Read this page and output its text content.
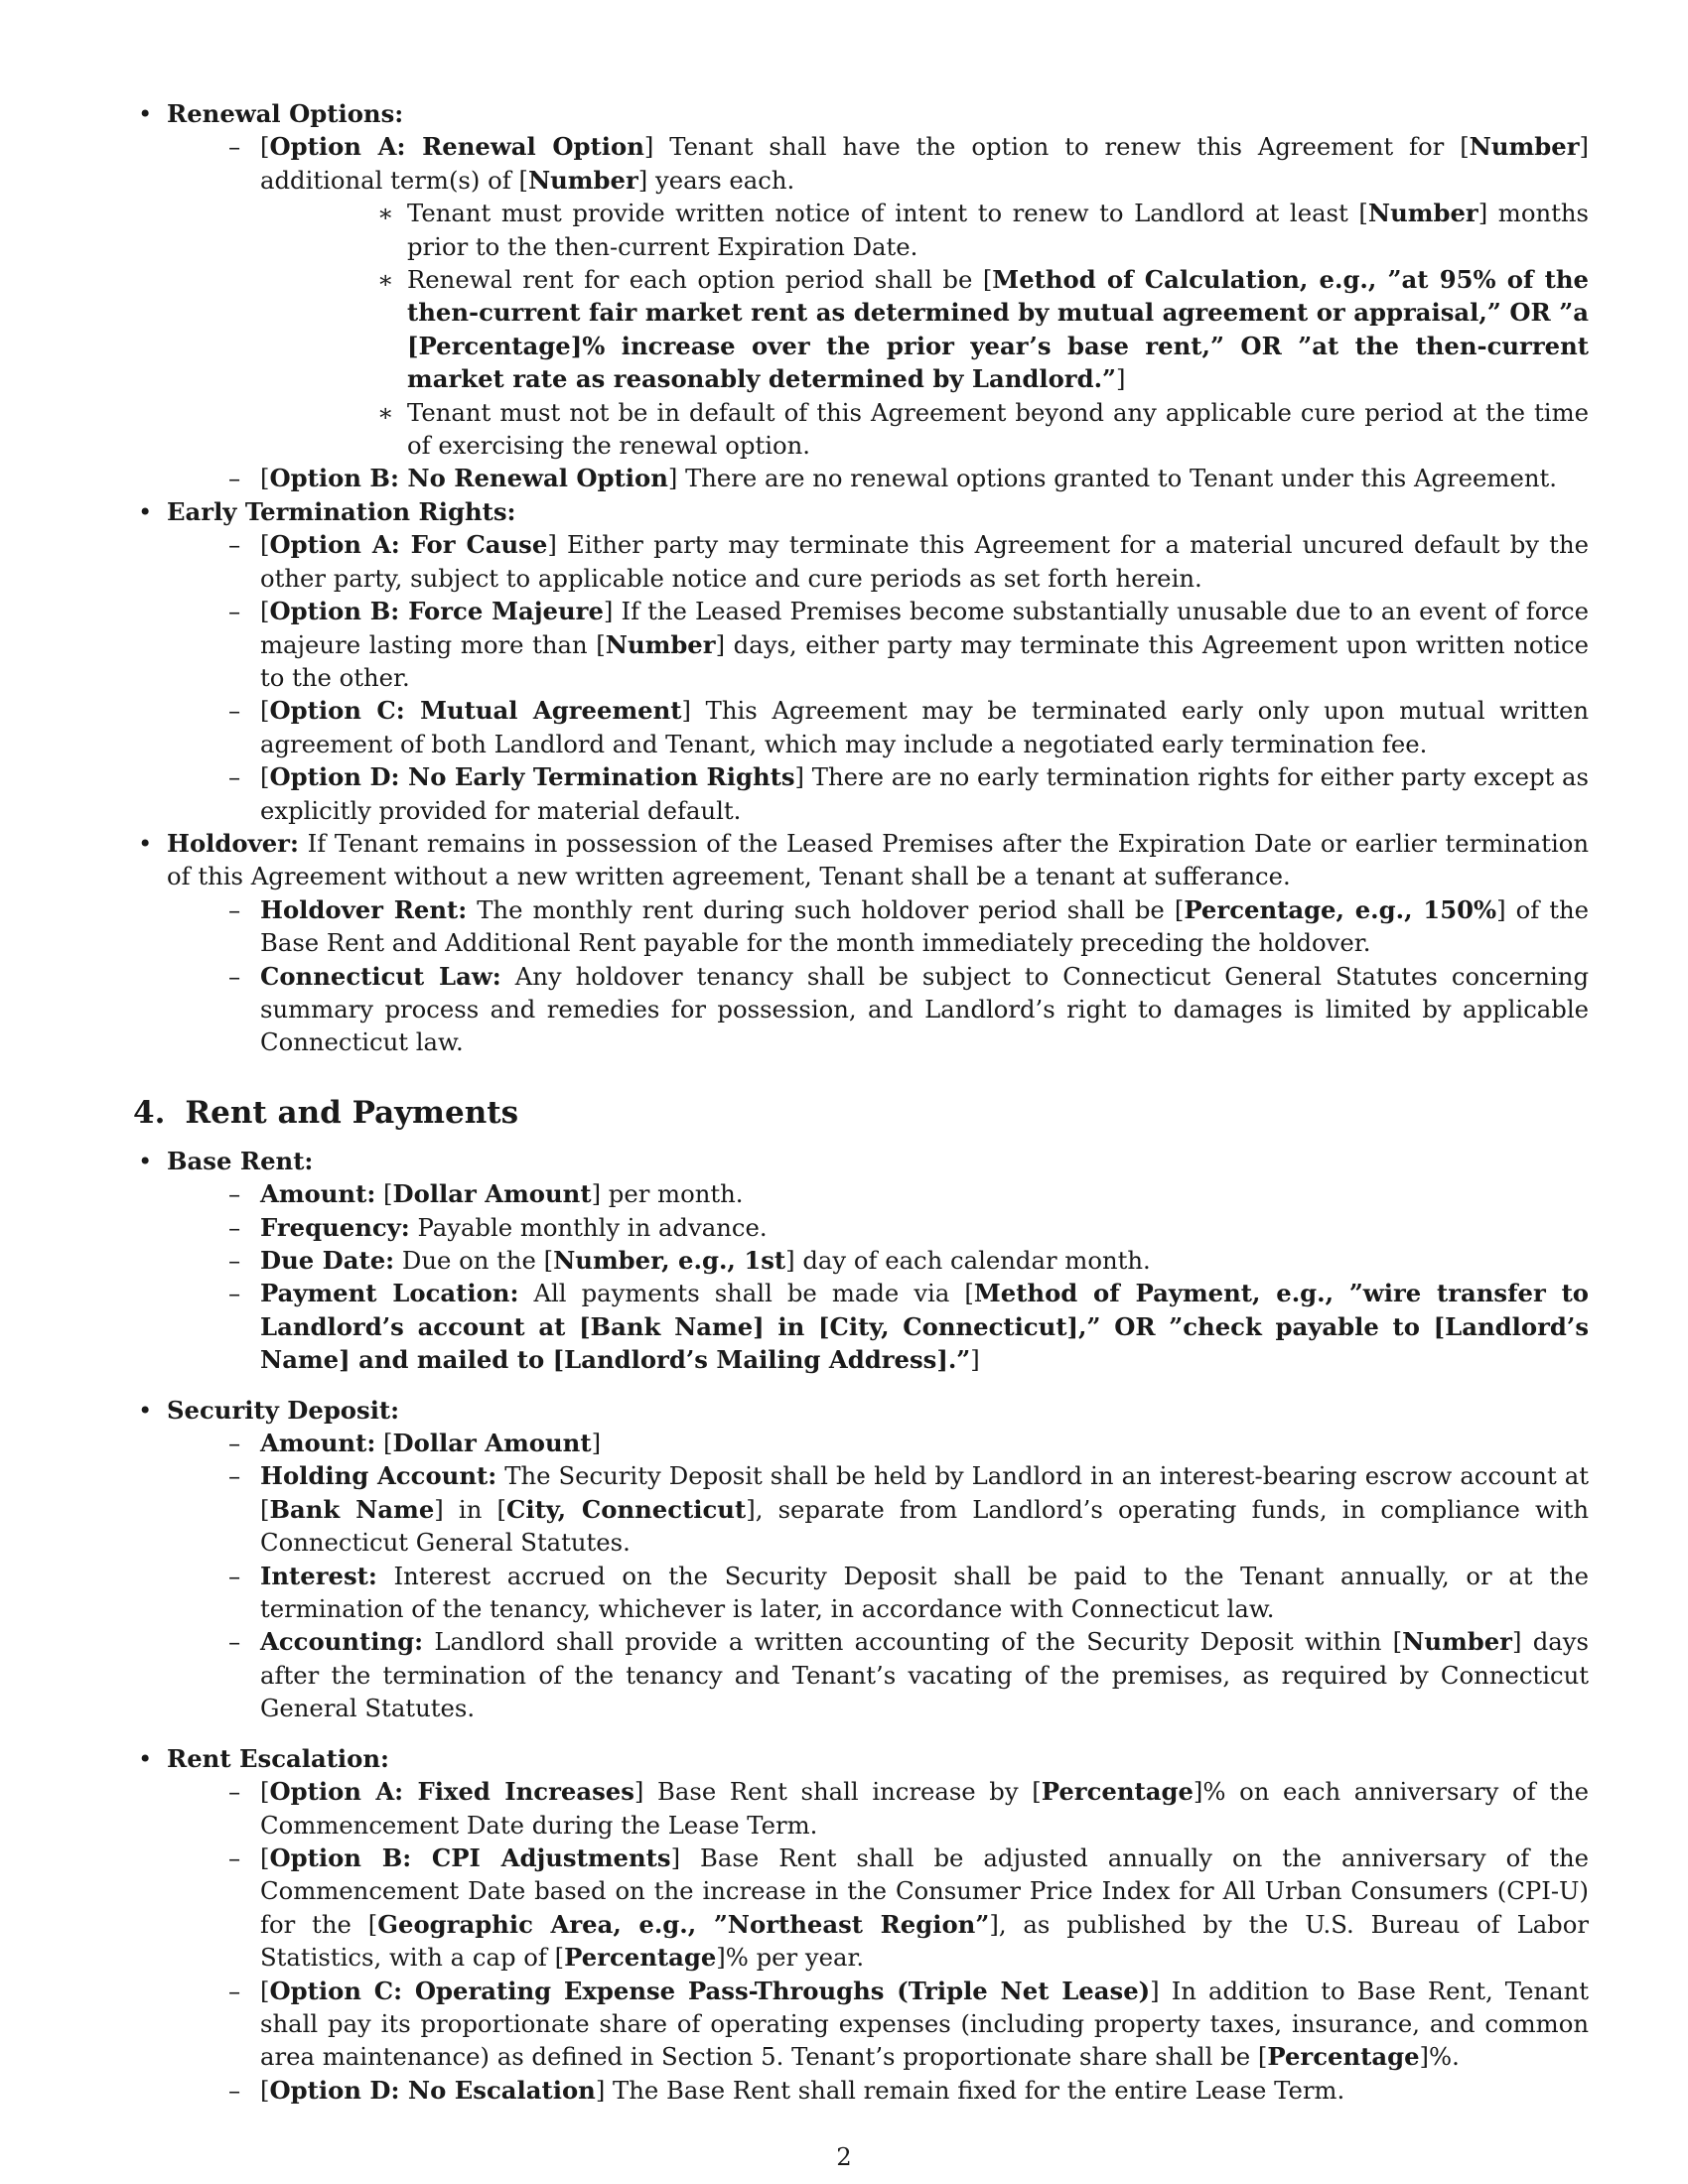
• Renewal Options:
– [Option A: Renewal Option] Tenant shall have the option to renew this Agreement for [Number] additional term(s) of [Number] years each.
∗ Tenant must provide written notice of intent to renew to Landlord at least [Number] months prior to the then-current Expiration Date.
∗ Renewal rent for each option period shall be [Method of Calculation, e.g., ”at 95% of the then-current fair market rent as determined by mutual agreement or appraisal,” OR ”a [Percentage]% increase over the prior year’s base rent,” OR ”at the then-current market rate as reasonably determined by Landlord.”]
∗ Tenant must not be in default of this Agreement beyond any applicable cure period at the time of exercising the renewal option.
– [Option B: No Renewal Option] There are no renewal options granted to Tenant under this Agreement.
• Early Termination Rights:
– [Option A: For Cause] Either party may terminate this Agreement for a material uncured default by the other party, subject to applicable notice and cure periods as set forth herein.
– [Option B: Force Majeure] If the Leased Premises become substantially unusable due to an event of force majeure lasting more than [Number] days, either party may terminate this Agreement upon written notice to the other.
– [Option C: Mutual Agreement] This Agreement may be terminated early only upon mutual written agreement of both Landlord and Tenant, which may include a negotiated early termination fee.
– [Option D: No Early Termination Rights] There are no early termination rights for either party except as explicitly provided for material default.
• Holdover: If Tenant remains in possession of the Leased Premises after the Expiration Date or earlier termination of this Agreement without a new written agreement, Tenant shall be a tenant at sufferance.
– Holdover Rent: The monthly rent during such holdover period shall be [Percentage, e.g., 150%] of the Base Rent and Additional Rent payable for the month immediately preceding the holdover.
– Connecticut Law: Any holdover tenancy shall be subject to Connecticut General Statutes concerning summary process and remedies for possession, and Landlord’s right to damages is limited by applicable Connecticut law.
4. Rent and Payments
• Base Rent:
– Amount: [Dollar Amount] per month.
– Frequency: Payable monthly in advance.
– Due Date: Due on the [Number, e.g., 1st] day of each calendar month.
– Payment Location: All payments shall be made via [Method of Payment, e.g., ”wire transfer to Landlord’s account at [Bank Name] in [City, Connecticut],” OR ”check payable to [Landlord’s Name] and mailed to [Landlord’s Mailing Address].”]
• Security Deposit:
– Amount: [Dollar Amount]
– Holding Account: The Security Deposit shall be held by Landlord in an interest-bearing escrow account at [Bank Name] in [City, Connecticut], separate from Landlord’s operating funds, in compliance with Connecticut General Statutes.
– Interest: Interest accrued on the Security Deposit shall be paid to the Tenant annually, or at the termination of the tenancy, whichever is later, in accordance with Connecticut law.
– Accounting: Landlord shall provide a written accounting of the Security Deposit within [Number] days after the termination of the tenancy and Tenant’s vacating of the premises, as required by Connecticut General Statutes.
• Rent Escalation:
– [Option A: Fixed Increases] Base Rent shall increase by [Percentage]% on each anniversary of the Commencement Date during the Lease Term.
– [Option B: CPI Adjustments] Base Rent shall be adjusted annually on the anniversary of the Commencement Date based on the increase in the Consumer Price Index for All Urban Consumers (CPI-U) for the [Geographic Area, e.g., ”Northeast Region”], as published by the U.S. Bureau of Labor Statistics, with a cap of [Percentage]% per year.
– [Option C: Operating Expense Pass-Throughs (Triple Net Lease)] In addition to Base Rent, Tenant shall pay its proportionate share of operating expenses (including property taxes, insurance, and common area maintenance) as defined in Section 5. Tenant’s proportionate share shall be [Percentage]%.
– [Option D: No Escalation] The Base Rent shall remain fixed for the entire Lease Term.
2
